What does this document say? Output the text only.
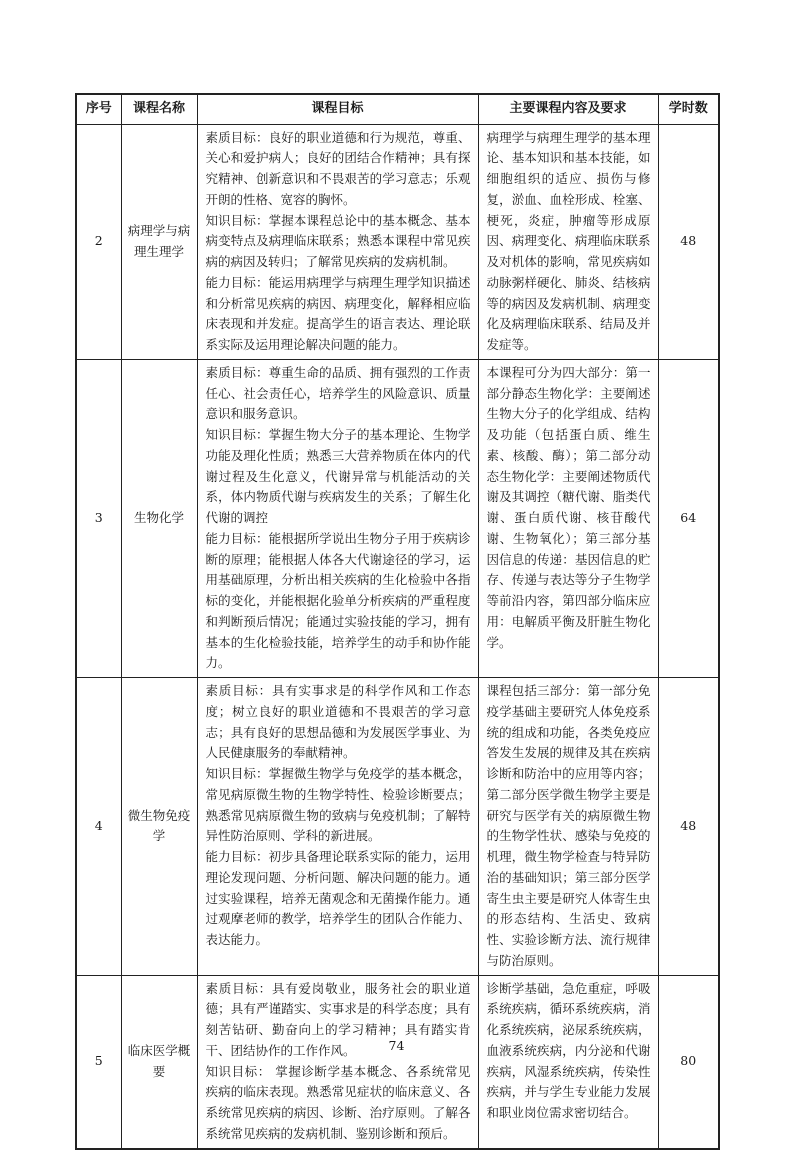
序号	课程名称	课程目标	主要课程内容及要求	学时数
2	病理学与病理生理学	素质目标：良好的职业道德和行为规范，尊重、关心和爱护病人；良好的团结合作精神；具有探究精神、创新意识和不畏艰苦的学习意志；乐观开朗的性格、宽容的胸怀。

知识目标：掌握本课程总论中的基本概念、基本病变特点及病理临床联系；熟悉本课程中常见疾病的病因及转归；了解常见疾病的发病机制。

能力目标：能运用病理学与病理生理学知识描述和分析常见疾病的病因、病理变化，解释相应临床表现和并发症。提高学生的语言表达、理论联系实际及运用理论解决问题的能力。	病理学与病理生理学的基本理论、基本知识和基本技能，如细胞组织的适应、损伤与修复，淤血、血栓形成、栓塞、梗死，炎症，肿瘤等形成原因、病理变化、病理临床联系及对机体的影响，常见疾病如动脉粥样硬化、肺炎、结核病等的病因及发病机制、病理变化及病理临床联系、结局及并发症等。	48
3	生物化学	素质目标：尊重生命的品质、拥有强烈的工作责任心、社会责任心，培养学生的风险意识、质量意识和服务意识。

知识目标：掌握生物大分子的基本理论、生物学功能及理化性质；熟悉三大营养物质在体内的代谢过程及生化意义，代谢异常与机能活动的关系，体内物质代谢与疾病发生的关系；了解生化代谢的调控

能力目标：能根据所学说出生物分子用于疾病诊断的原理；能根据人体各大代谢途径的学习，运用基础原理，分析出相关疾病的生化检验中各指标的变化，并能根据化验单分析疾病的严重程度和判断预后情况；能通过实验技能的学习，拥有基本的生化检验技能，培养学生的动手和协作能力。	本课程可分为四大部分：第一部分静态生物化学：主要阐述生物大分子的化学组成、结构及功能（包括蛋白质、维生素、核酸、酶）；第二部分动态生物化学：主要阐述物质代谢及其调控（糖代谢、脂类代谢、蛋白质代谢、核苷酸代谢、生物氧化）；第三部分基因信息的传递：基因信息的贮存、传递与表达等分子生物学等前沿内容，第四部分临床应用：电解质平衡及肝脏生物化学。	64
4	微生物免疫学	素质目标：具有实事求是的科学作风和工作态度；树立良好的职业道德和不畏艰苦的学习意志；具有良好的思想品德和为发展医学事业、为人民健康服务的奉献精神。

知识目标：掌握微生物学与免疫学的基本概念，常见病原微生物的生物学特性、检验诊断要点；熟悉常见病原微生物的致病与免疫机制；了解特异性防治原则、学科的新进展。

能力目标：初步具备理论联系实际的能力，运用理论发现问题、分析问题、解决问题的能力。通过实验课程，培养无菌观念和无菌操作能力。通过观摩老师的教学，培养学生的团队合作能力、表达能力。	课程包括三部分：第一部分免疫学基础主要研究人体免疫系统的组成和功能，各类免疫应答发生发展的规律及其在疾病诊断和防治中的应用等内容；第二部分医学微生物学主要是研究与医学有关的病原微生物的生物学性状、感染与免疫的机理，微生物学检查与特异防治的基础知识；第三部分医学寄生虫主要是研究人体寄生虫的形态结构、生活史、致病性、实验诊断方法、流行规律与防治原则。	48
5	临床医学概要	素质目标：具有爱岗敬业，服务社会的职业道德；具有严谨踏实、实事求是的科学态度；具有刻苦钻研、勤奋向上的学习精神；具有踏实肯干、团结协作的工作作风。

知识目标： 掌握诊断学基本概念、各系统常见疾病的临床表现。熟悉常见症状的临床意义、各系统常见疾病的病因、诊断、治疗原则。了解各系统常见疾病的发病机制、鉴别诊断和预后。	诊断学基础，急危重症，呼吸系统疾病，循环系统疾病，消化系统疾病，泌尿系统疾病，血液系统疾病，内分泌和代谢疾病，风湿系统疾病，传染性疾病，并与学生专业能力发展和职业岗位需求密切结合。	80
74
